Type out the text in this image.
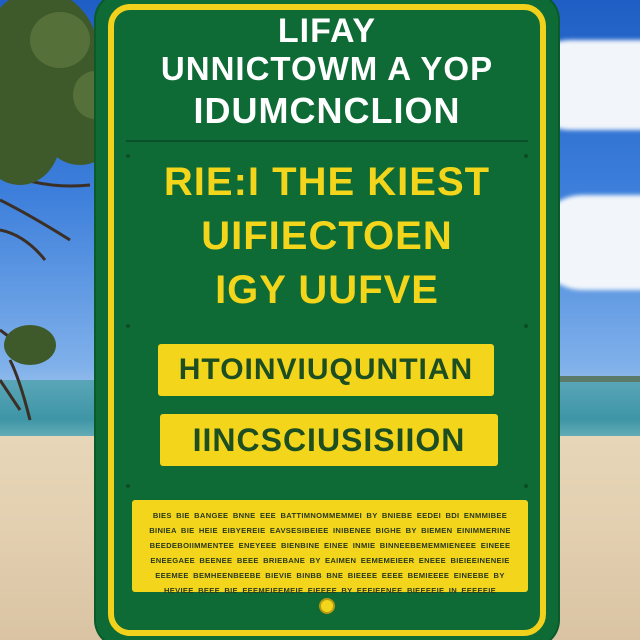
LIFAY
UNNICTOWM A YOP
IDUMCNCLION
RIE:I THE KIEST
UIFIECTOEN
IGY UUFVE
HTOINVIUQUNTIAN
IINCSCIUSISIION
BIES BIE BANGEE BNNE EEE BATTIMNOMMEMMEI BY BNIEBE EEDEI BDI ENMMIBEE BINIEA BIE HEIE EIBYEREIE EAVSESIBEIEE INIBENEE BIGHE BY BIEMEN EINIMMERINE BEEDEBOIIMMENTEE ENEYEEE BIENBINE EINEE INMIE BINNEEBEMEMMIENEEE EINEEE ENEEGAEE BEENEE BEEE BRIEBANE BY EAIMEN EEMEMEIEER ENEEE BIEIEEINENEIE EEEMEE BEMHEENBEEBE BIEVIE BINBB BNE BIEEEE EEEE BEMIEEEE EINEEBE BY HEVIEE BEEE BIE EEEMEIEEMEIE EIEEEE BY EEEIEENEE BIEEEEIE IN EEEEEIE
